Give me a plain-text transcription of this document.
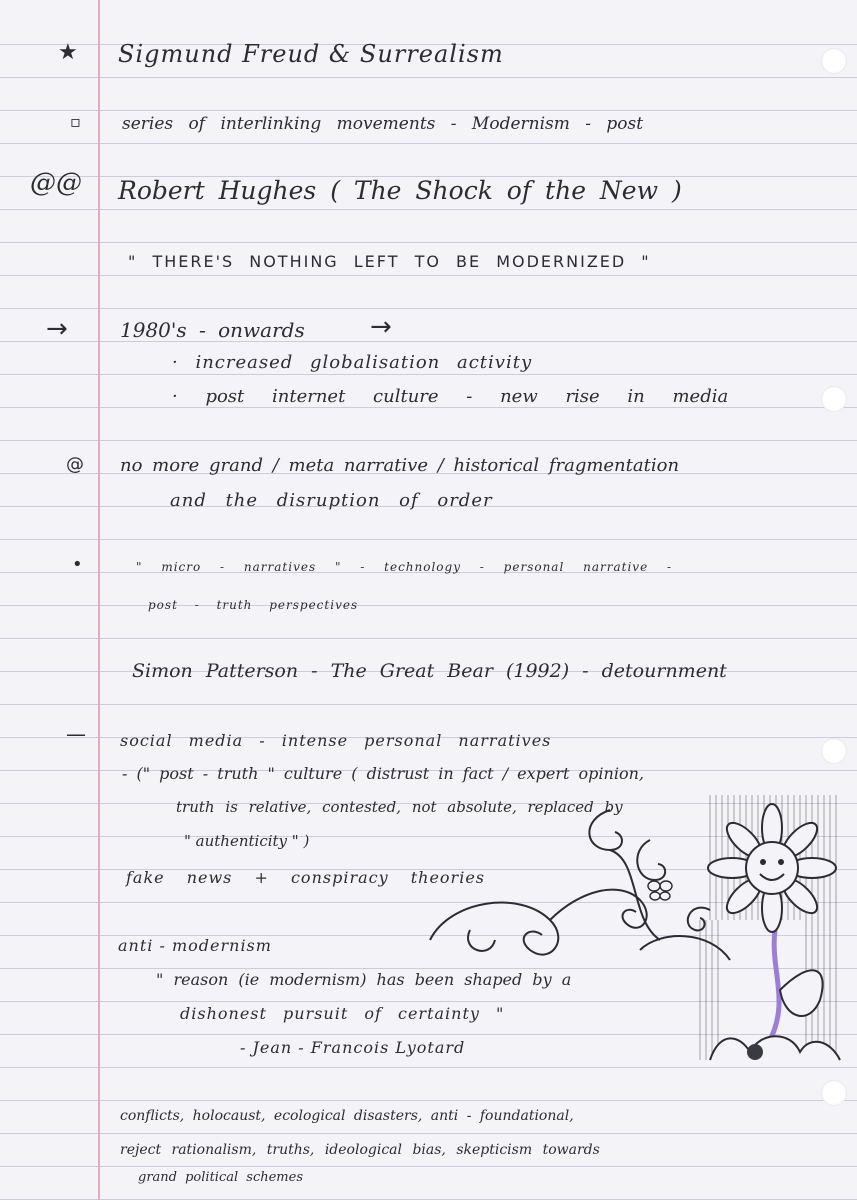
★
▫
@@
→
@
•
—
Sigmund Freud & Surrealism
series of interlinking movements - Modernism - post
Robert Hughes ( The Shock of the New )
" THERE'S NOTHING LEFT TO BE MODERNIZED "
1980's - onwards	→
· increased globalisation activity
· post internet culture - new rise in media
no more grand / meta narrative / historical fragmentation
and the disruption of order
" micro - narratives " - technology - personal narrative -
post - truth perspectives
Simon Patterson - The Great Bear (1992) - detournment
social media - intense personal narratives
- (" post - truth " culture ( distrust in fact / expert opinion,
truth is relative, contested, not absolute, replaced by
" authenticity " )
fake news + conspiracy theories
anti - modernism
" reason (ie modernism) has been shaped by a
dishonest pursuit of certainty "
- Jean - Francois Lyotard
conflicts, holocaust, ecological disasters, anti - foundational,
reject rationalism, truths, ideological bias, skepticism towards
grand political schemes
